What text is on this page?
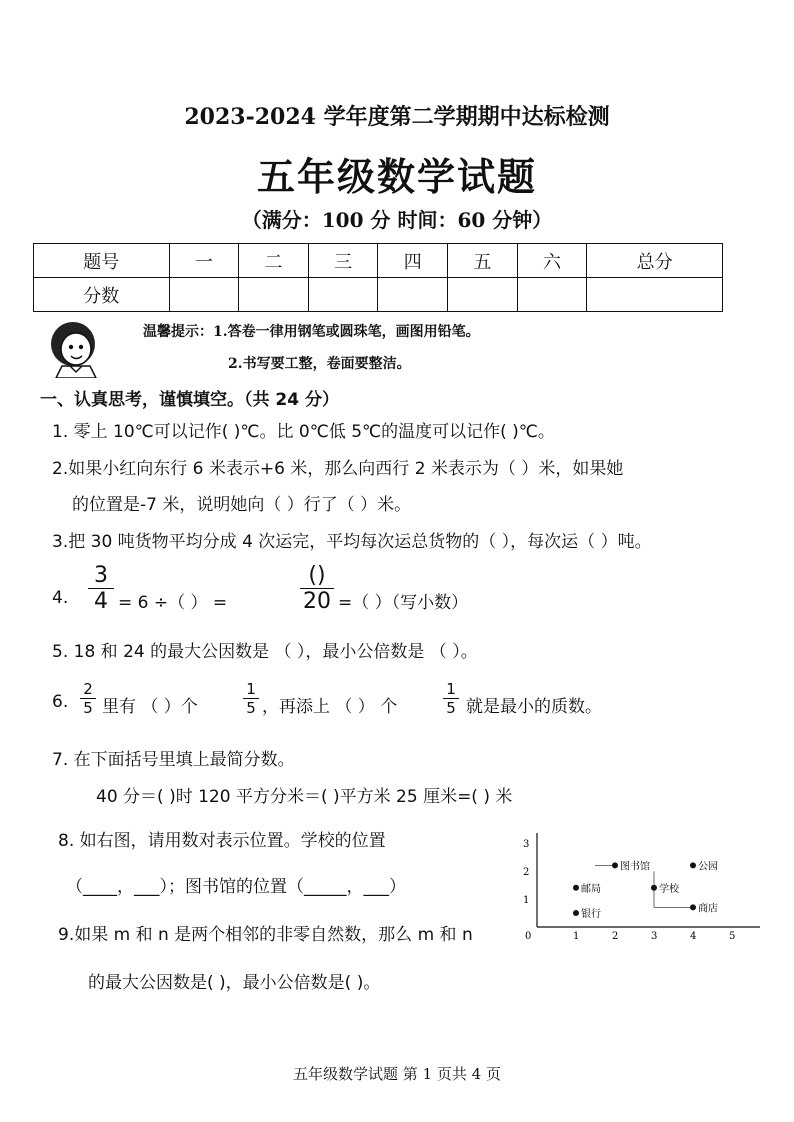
2023-2024 学年度第二学期期中达标检测
五年级数学试题
（满分：100 分 时间：60 分钟）
题号	一	二	三	四	五	六	总分
分数							
温馨提示：1.答卷一律用钢笔或圆珠笔，画图用铅笔。
2.书写要工整，卷面要整洁。
一、认真思考，谨慎填空。（共 24 分）
1. 零上 10℃可以记作( )℃。比 0℃低 5℃的温度可以记作( )℃。
2.如果小红向东行 6 米表示+6 米，那么向西行 2 米表示为（ ）米，如果她
的位置是-7 米，说明她向（ ）行了（ ）米。
3.把 30 吨货物平均分成 4 次运完，平均每次运总货物的（ ），每次运（ ）吨。
4.
3
4 = 6 ÷（ ） =
()
20 =（ ）（写小数）
5. 18 和 24 的最大公因数是 （ ），最小公倍数是 （ ）。
6.
2
5 里有 （ ）个
1
5 ，再添上 （ ） 个
1
5 就是最小的质数。
7. 在下面括号里填上最简分数。
40 分＝( )时 120 平方分米＝( )平方米 25 厘米=( ) 米
8. 如右图，请用数对表示位置。学校的位置
（____，___）；图书馆的位置（_____，___）
9.如果 m 和 n 是两个相邻的非零自然数，那么 m 和 n
的最大公因数是( )，最小公倍数是( )。
0	1	2	3	4	5
1
2
3
银行
邮局
图书馆
学校
公园
商店
五年级数学试题 第 1 页共 4 页
